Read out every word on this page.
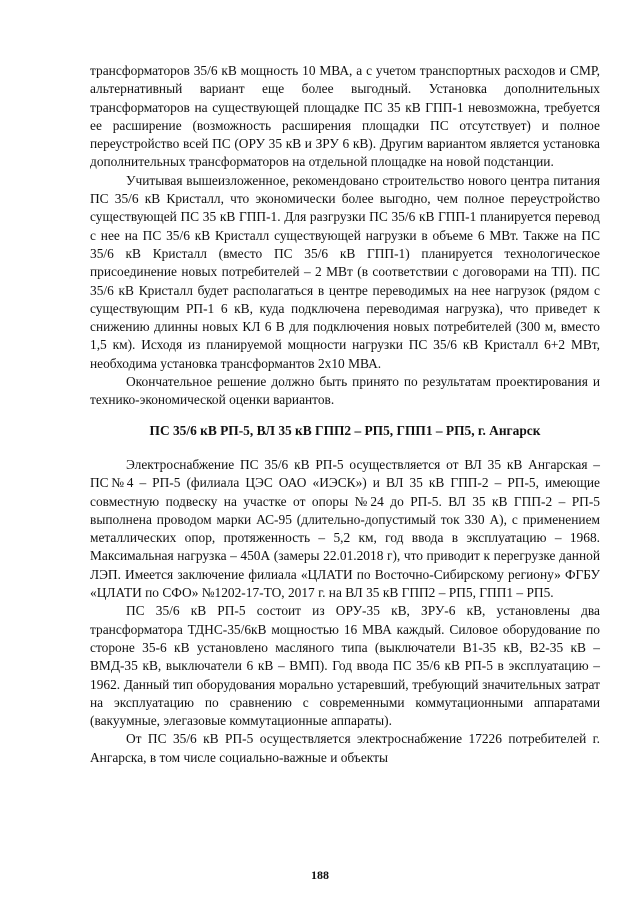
трансформаторов 35/6 кВ мощность 10 МВА, а с учетом транспортных расходов и СМР, альтернативный вариант еще более выгодный. Установка дополнительных трансформаторов на существующей площадке ПС 35 кВ ГПП-1 невозможна, требуется ее расширение (возможность расширения площадки ПС отсутствует) и полное переустройство всей ПС (ОРУ 35 кВ и ЗРУ 6 кВ). Другим вариантом является установка дополнительных трансформаторов на отдельной площадке на новой подстанции.

Учитывая вышеизложенное, рекомендовано строительство нового центра питания ПС 35/6 кВ Кристалл, что экономически более выгодно, чем полное переустройство существующей ПС 35 кВ ГПП-1. Для разгрузки ПС 35/6 кВ ГПП-1 планируется перевод с нее на ПС 35/6 кВ Кристалл существующей нагрузки в объеме 6 МВт. Также на ПС 35/6 кВ Кристалл (вместо ПС 35/6 кВ ГПП-1) планируется технологическое присоединение новых потребителей – 2 МВт (в соответствии с договорами на ТП). ПС 35/6 кВ Кристалл будет располагаться в центре переводимых на нее нагрузок (рядом с существующим РП-1 6 кВ, куда подключена переводимая нагрузка), что приведет к снижению длинны новых КЛ 6 В для подключения новых потребителей (300 м, вместо 1,5 км). Исходя из планируемой мощности нагрузки ПС 35/6 кВ Кристалл 6+2 МВт, необходима установка трансформантов 2х10 МВА.

Окончательное решение должно быть принято по результатам проектирования и технико-экономической оценки вариантов.

ПС 35/6 кВ РП-5, ВЛ 35 кВ ГПП2 – РП5, ГПП1 – РП5, г. Ангарск

Электроснабжение ПС 35/6 кВ РП-5 осуществляется от ВЛ 35 кВ Ангарская – ПС№4 – РП-5 (филиала ЦЭС ОАО «ИЭСК») и ВЛ 35 кВ ГПП-2 – РП-5, имеющие совместную подвеску на участке от опоры №24 до РП-5. ВЛ 35 кВ ГПП-2 – РП-5 выполнена проводом марки АС-95 (длительно-допустимый ток 330 А), с применением металлических опор, протяженность – 5,2 км, год ввода в эксплуатацию – 1968. Максимальная нагрузка – 450А (замеры 22.01.2018 г), что приводит к перегрузке данной ЛЭП. Имеется заключение филиала «ЦЛАТИ по Восточно-Сибирскому региону» ФГБУ «ЦЛАТИ по СФО» №1202-17-ТО, 2017 г. на ВЛ 35 кВ ГПП2 – РП5, ГПП1 – РП5.

ПС 35/6 кВ РП-5 состоит из ОРУ-35 кВ, ЗРУ-6 кВ, установлены два трансформатора ТДНС-35/6кВ мощностью 16 МВА каждый. Силовое оборудование по стороне 35-6 кВ установлено масляного типа (выключатели В1-35 кВ, В2-35 кВ – ВМД-35 кВ, выключатели 6 кВ – ВМП). Год ввода ПС 35/6 кВ РП-5 в эксплуатацию – 1962. Данный тип оборудования морально устаревший, требующий значительных затрат на эксплуатацию по сравнению с современными коммутационными аппаратами (вакуумные, элегазовые коммутационные аппараты).

От ПС 35/6 кВ РП-5 осуществляется электроснабжение 17226 потребителей г. Ангарска, в том числе социально-важные и объекты

188
